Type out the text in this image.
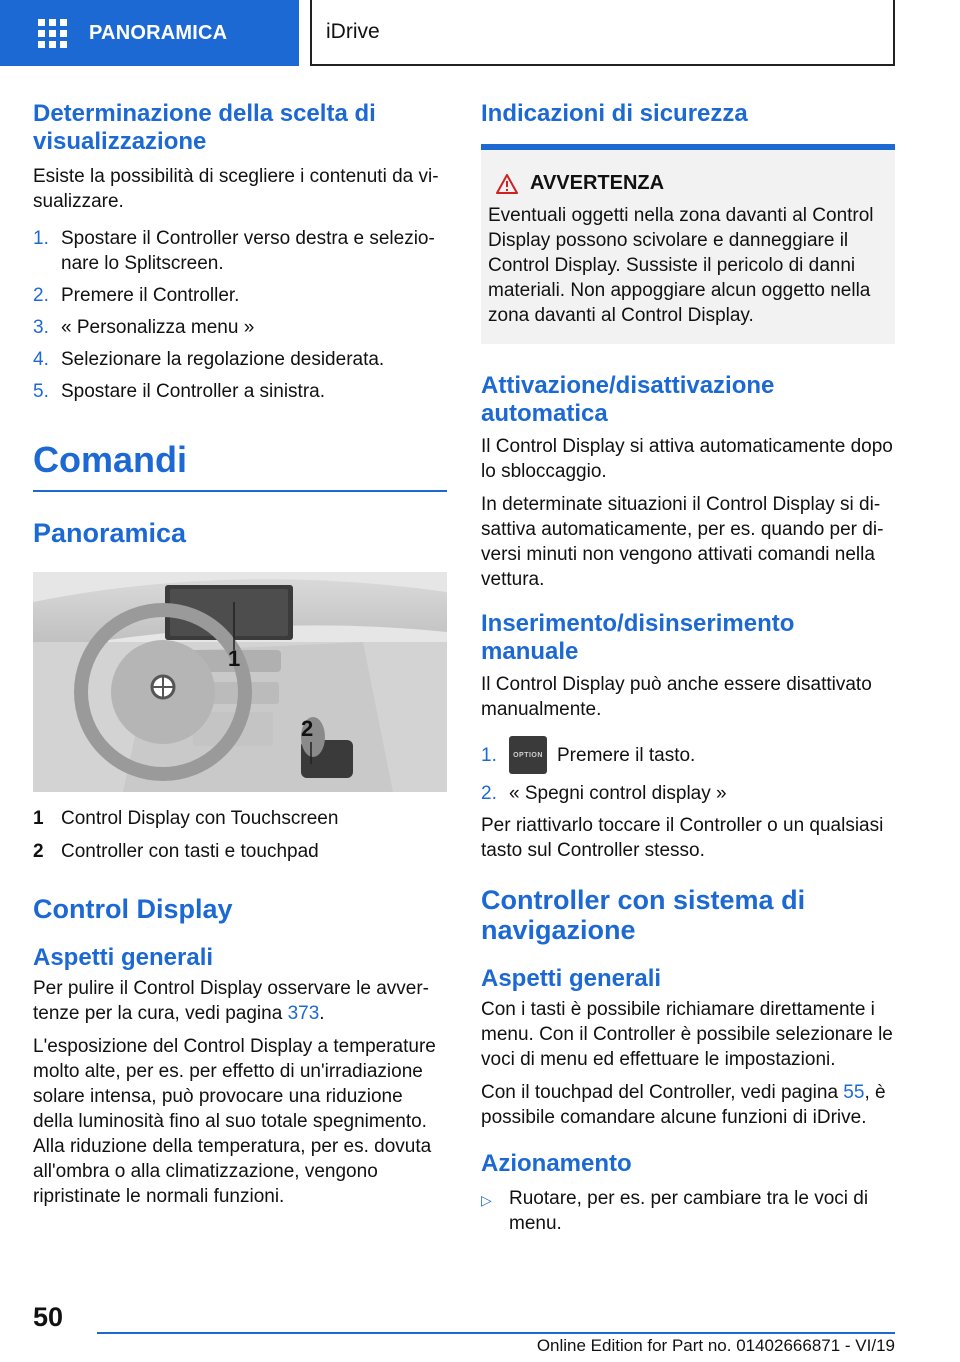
PANORAMICA	iDrive
Determinazione della scelta di visualizzazione
Esiste la possibilità di scegliere i contenuti da visualizzare.
1. Spostare il Controller verso destra e selezionare lo Splitscreen.
2. Premere il Controller.
3. « Personalizza menu »
4. Selezionare la regolazione desiderata.
5. Spostare il Controller a sinistra.
Comandi
Panoramica
1
2
1 Control Display con Touchscreen
2 Controller con tasti e touchpad
Control Display
Aspetti generali
Per pulire il Control Display osservare le avvertenze per la cura, vedi pagina 373.
L'esposizione del Control Display a temperature molto alte, per es. per effetto di un'irradiazione solare intensa, può provocare una riduzione della luminosità fino al suo totale spegnimento. Alla riduzione della temperatura, per es. dovuta all'ombra o alla climatizzazione, vengono ripristinate le normali funzioni.
Indicazioni di sicurezza
AVVERTENZA
Eventuali oggetti nella zona davanti al Control Display possono scivolare e danneggiare il Control Display. Sussiste il pericolo di danni materiali. Non appoggiare alcun oggetto nella zona davanti al Control Display.
Attivazione/disattivazione automatica
Il Control Display si attiva automaticamente dopo lo sbloccaggio.
In determinate situazioni il Control Display si disattiva automaticamente, per es. quando per diversi minuti non vengono attivati comandi nella vettura.
Inserimento/disinserimento manuale
Il Control Display può anche essere disattivato manualmente.
1.	OPTION Premere il tasto.
2. « Spegni control display »
Per riattivarlo toccare il Controller o un qualsiasi tasto sul Controller stesso.
Controller con sistema di navigazione
Aspetti generali
Con i tasti è possibile richiamare direttamente i menu. Con il Controller è possibile selezionare le voci di menu ed effettuare le impostazioni.
Con il touchpad del Controller, vedi pagina 55, è possibile comandare alcune funzioni di iDrive.
Azionamento
▷ Ruotare, per es. per cambiare tra le voci di menu.
50
Online Edition for Part no. 01402666871 - VI/19
